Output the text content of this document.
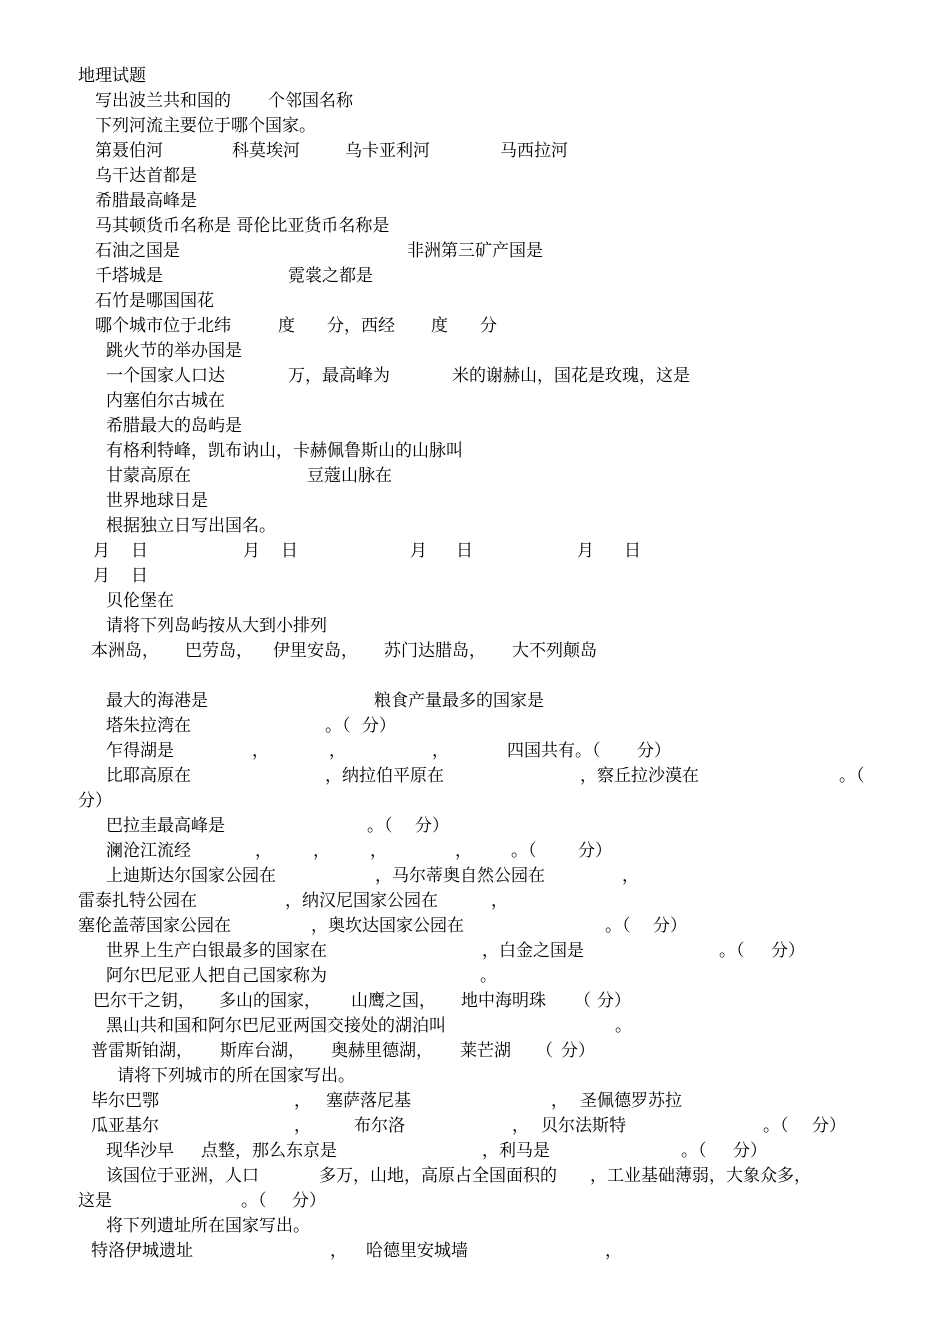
地理试题

写出波兰共和国的 个邻国名称
下列河流主要位于哪个国家。
第聂伯河	科莫埃河	乌卡亚利河	马西拉河
乌干达首都是
希腊最高峰是
马其顿货币名称是 哥伦比亚货币名称是
石油之国是	非洲第三矿产国是
千塔城是	霓裳之都是
石竹是哪国国花
哪个城市位于北纬	度 分，西经 度 分
跳火节的举办国是
一个国家人口达	万，最高峰为	米的谢赫山，国花是玫瑰，这是
内塞伯尔古城在
希腊最大的岛屿是
有格利特峰，凯布讷山，卡赫佩鲁斯山的山脉叫
甘蒙高原在	豆蔻山脉在
世界地球日是
根据独立日写出国名。
月 日	月 日	月 日	月 日
月 日
贝伦堡在
请将下列岛屿按从大到小排列
本洲岛， 巴劳岛， 伊里安岛， 苏门达腊岛， 大不列颠岛
最大的海港是	粮食产量最多的国家是
塔朱拉湾在	。（ 分）
乍得湖是	，	，	，	四国共有。（ 分）
比耶高原在	，纳拉伯平原在	，察丘拉沙漠在	。（
分）
巴拉圭最高峰是	。（ 分）
澜沧江流经	， ， ，	， 。（ 分）
上迪斯达尔国家公园在	，马尔蒂奥自然公园在	，
雷泰扎特公园在	，纳汉尼国家公园在	，
塞伦盖蒂国家公园在	，奥坎达国家公园在	。（ 分）
世界上生产白银最多的国家在	，白金之国是	。（ 分）
阿尔巴尼亚人把自己国家称为	。
巴尔干之钥， 多山的国家， 山鹰之国， 地中海明珠 （ 分）
黑山共和国和阿尔巴尼亚两国交接处的湖泊叫	。
普雷斯铂湖， 斯库台湖， 奥赫里德湖， 莱芒湖 （ 分）
请将下列城市的所在国家写出。
毕尔巴鄂	， 塞萨落尼基	， 圣佩德罗苏拉
瓜亚基尔	，	布尔洛	， 贝尔法斯特	。（ 分）
现华沙早 点整，那么东京是	，利马是	。（ 分）
该国位于亚洲，人口	多万，山地，高原占全国面积的 ，工业基础薄弱，大象众多，
这是	。（ 分）
将下列遗址所在国家写出。
特洛伊城遗址	， 哈德里安城墙	，
